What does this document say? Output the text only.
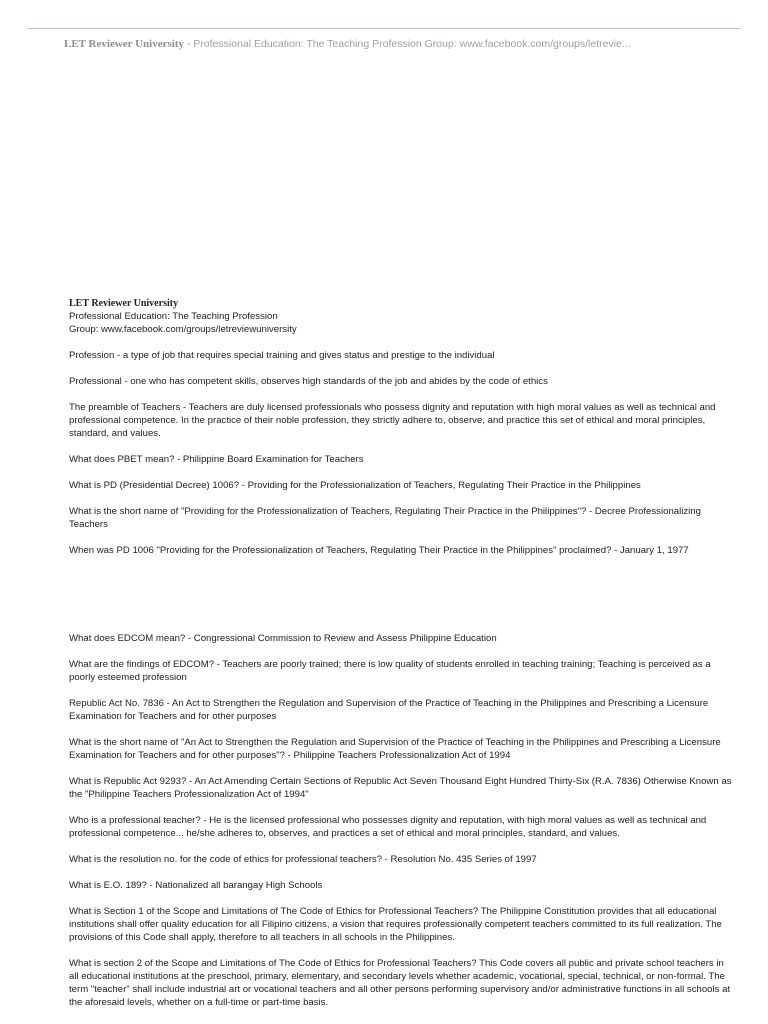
LET Reviewer University - Professional Education: The Teaching Profession Group: www.facebook.com/groups/letrevie...

LET Reviewer University
Professional Education: The Teaching Profession
Group: www.facebook.com/groups/letreviewuniversity

Profession - a type of job that requires special training and gives status and prestige to the individual

Professional - one who has competent skills, observes high standards of the job and abides by the code of ethics

The preamble of Teachers - Teachers are duly licensed professionals who possess dignity and reputation with high moral values as well as technical and professional competence. In the practice of their noble profession, they strictly adhere to, observe, and practice this set of ethical and moral principles, standard, and values.

What does PBET mean? - Philippine Board Examination for Teachers

What is PD (Presidential Decree) 1006? - Providing for the Professionalization of Teachers, Regulating Their Practice in the Philippines

What is the short name of "Providing for the Professionalization of Teachers, Regulating Their Practice in the Philippines"? - Decree Professionalizing Teachers

When was PD 1006 "Providing for the Professionalization of Teachers, Regulating Their Practice in the Philippines" proclaimed? - January 1, 1977

What does EDCOM mean? - Congressional Commission to Review and Assess Philippine Education

What are the findings of EDCOM? - Teachers are poorly trained; there is low quality of students enrolled in teaching training; Teaching is perceived as a poorly esteemed profession

Republic Act No. 7836 - An Act to Strengthen the Regulation and Supervision of the Practice of Teaching in the Philippines and Prescribing a Licensure Examination for Teachers and for other purposes

What is the short name of "An Act to Strengthen the Regulation and Supervision of the Practice of Teaching in the Philippines and Prescribing a Licensure Examination for Teachers and for other purposes"? - Philippine Teachers Professionalization Act of 1994

What is Republic Act 9293? - An Act Amending Certain Sections of Republic Act Seven Thousand Eight Hundred Thirty-Six (R.A. 7836) Otherwise Known as the "Philippine Teachers Professionalization Act of 1994"

Who is a professional teacher? - He is the licensed professional who possesses dignity and reputation, with high moral values as well as technical and professional competence... he/she adheres to, observes, and practices a set of ethical and moral principles, standard, and values.

What is the resolution no. for the code of ethics for professional teachers? - Resolution No. 435 Series of 1997

What is E.O. 189? - Nationalized all barangay High Schools

What is Section 1 of the Scope and Limitations of The Code of Ethics for Professional Teachers? The Philippine Constitution provides that all educational institutions shall offer quality education for all Filipino citizens, a vision that requires professionally competent teachers committed to its full realization. The provisions of this Code shall apply, therefore to all teachers in all schools in the Philippines.

What is section 2 of the Scope and Limitations of The Code of Ethics for Professional Teachers? This Code covers all public and private school teachers in all educational institutions at the preschool, primary, elementary, and secondary levels whether academic, vocational, special, technical, or non-formal. The term "teacher" shall include industrial art or vocational teachers and all other persons performing supervisory and/or administrative functions in all schools at the aforesaid levels, whether on a full-time or part-time basis.
